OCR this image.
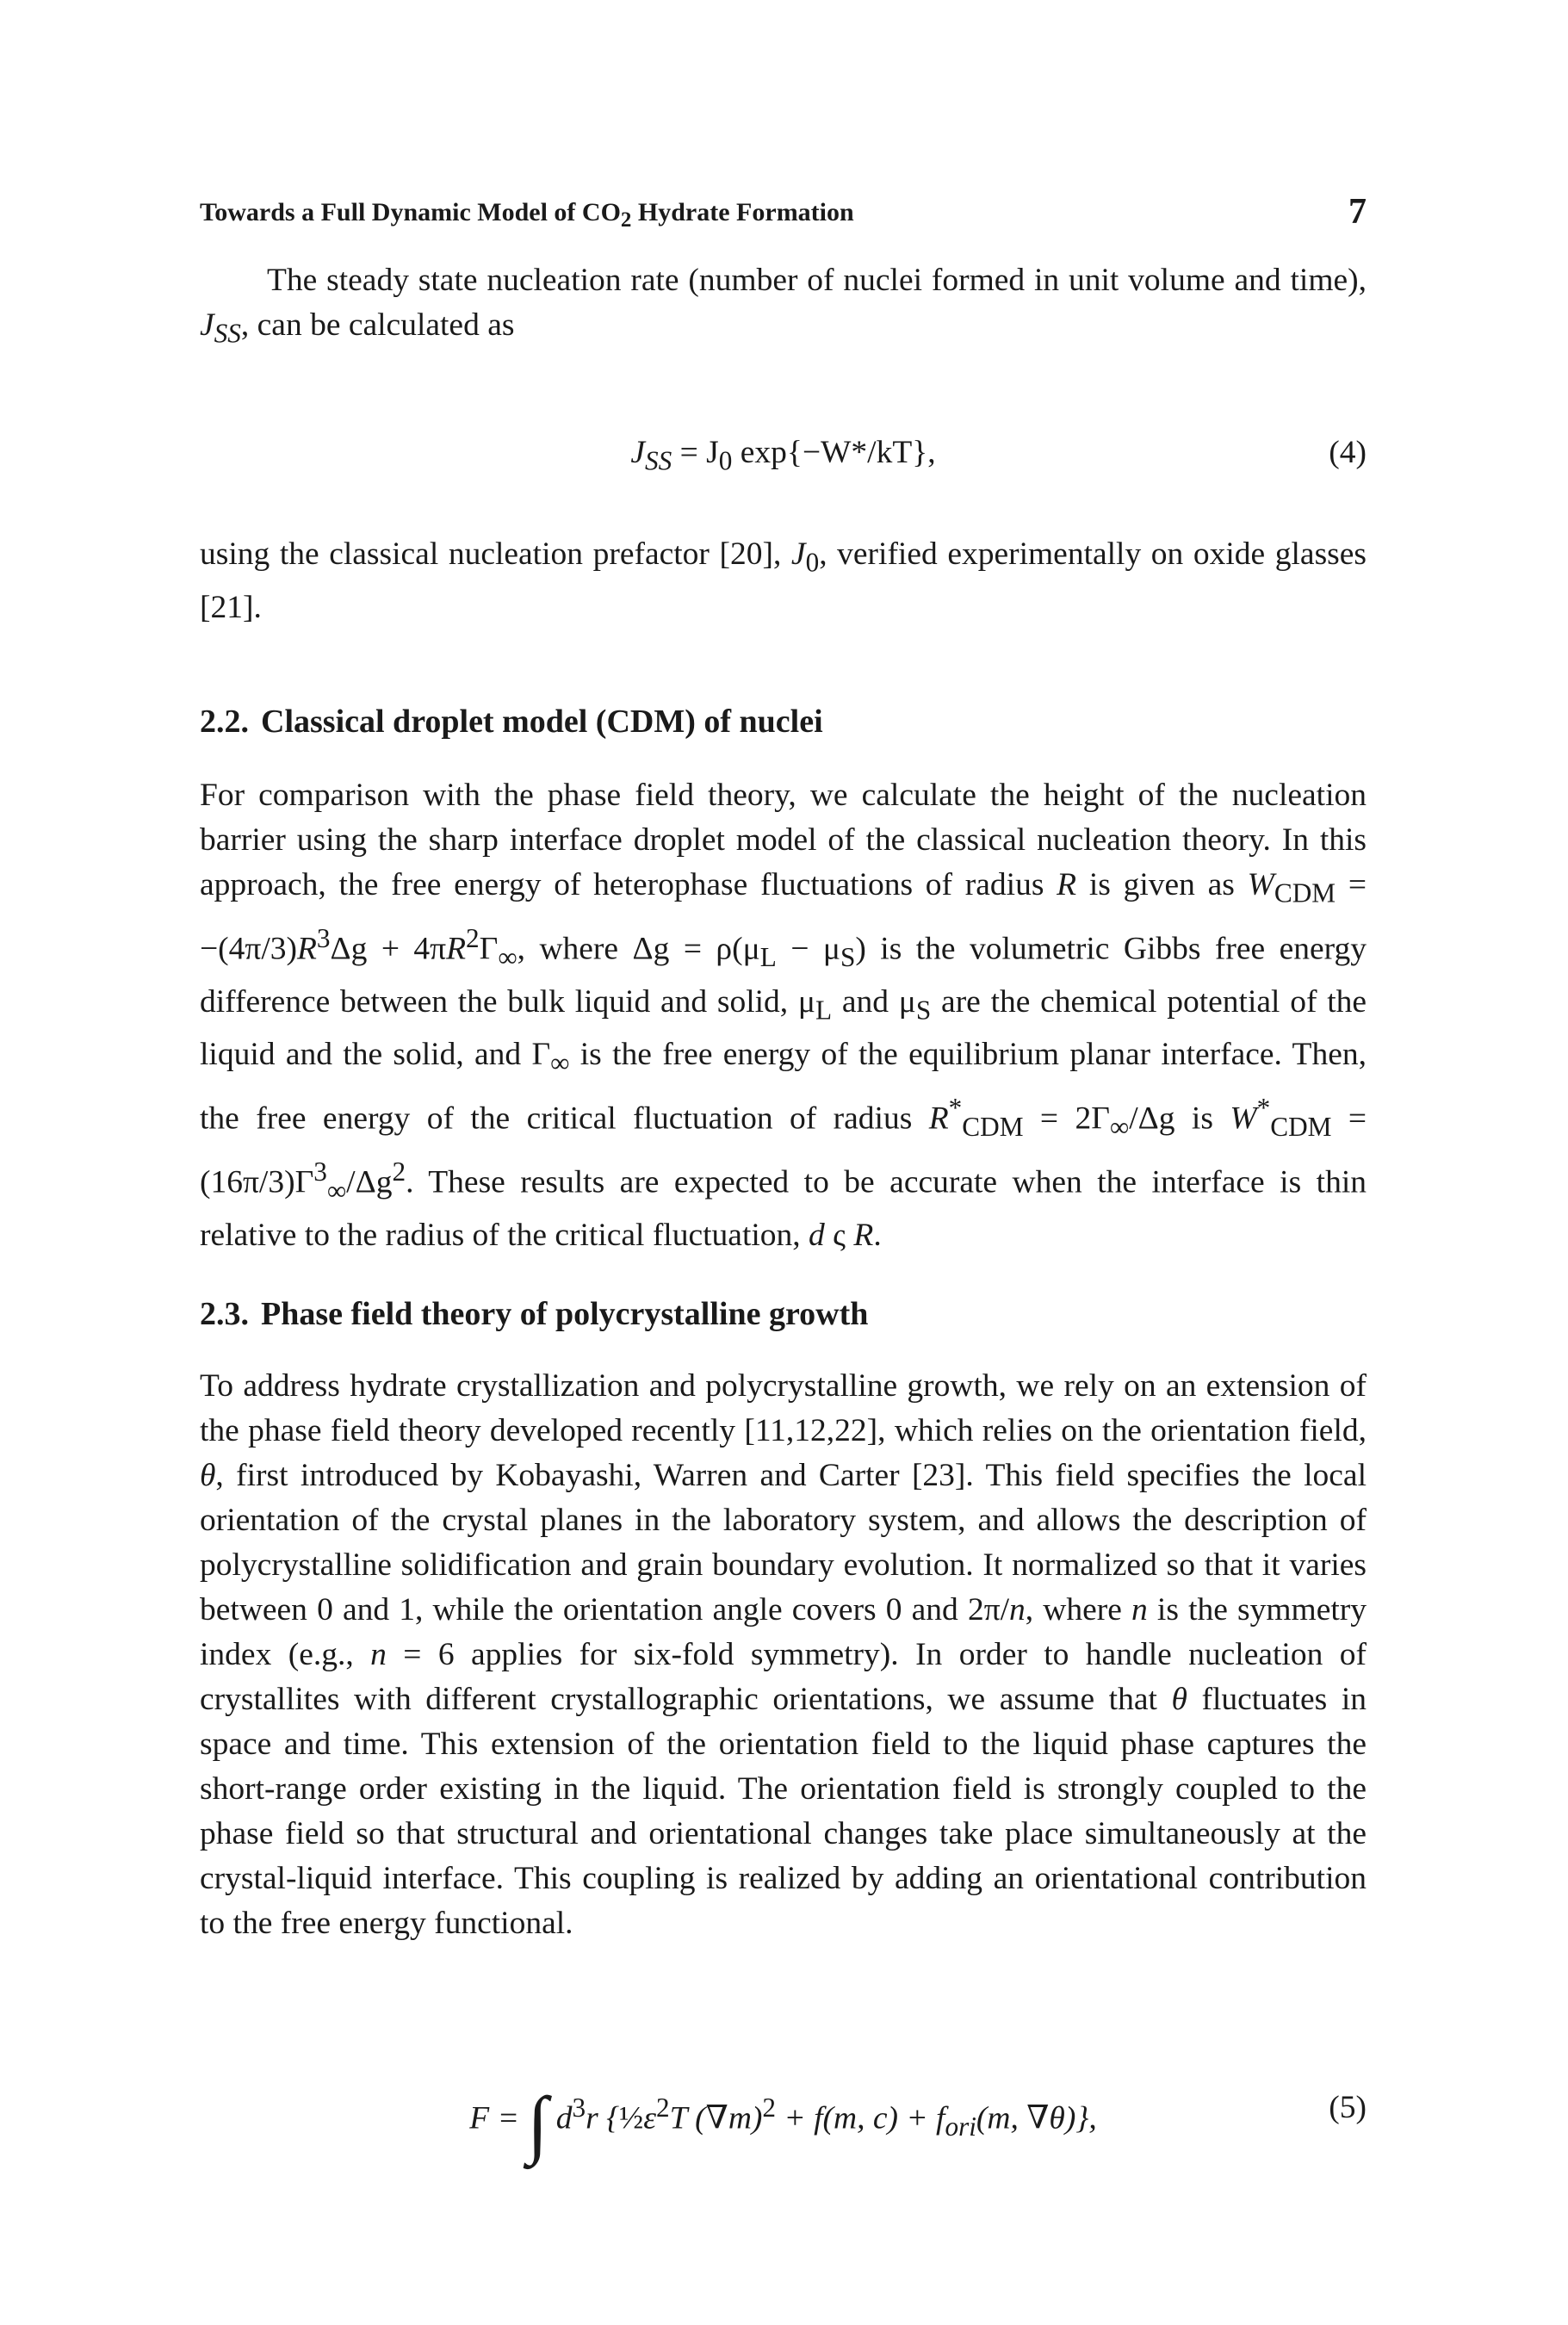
Towards a Full Dynamic Model of $CO_2$ Hydrate Formation	7

The steady state nucleation rate (number of nuclei formed in unit volume and time), $J_{SS}$, can be calculated as

$J_{SS} = J_0$ exp{−W*/kT},	(4)

using the classical nucleation prefactor [20], $J_0$, verified experimentally on oxide glasses [21].

2.2. Classical droplet model (CDM) of nuclei

For comparison with the phase field theory, we calculate the height of the nucleation barrier using the sharp interface droplet model of the classical nucleation theory. In this approach, the free energy of heterophase fluctuations of radius R is given as $W_{CDM} = -(4\pi/3)R^3\Delta g + 4\pi R^2\Gamma_\infty$, where $\Delta g = \rho(\mu_L - \mu_S)$ is the volumetric Gibbs free energy difference between the bulk liquid and solid, $\mu_L$ and $\mu_S$ are the chemical potential of the liquid and the solid, and $\Gamma_\infty$ is the free energy of the equilibrium planar interface. Then, the free energy of the critical fluctuation of radius $R^*_{CDM} = 2\Gamma_\infty/\Delta g$ is $W^*_{CDM} = (16\pi/3)\Gamma^3_\infty/\Delta g^2$. These results are expected to be accurate when the interface is thin relative to the radius of the critical fluctuation, d ς R.

2.3. Phase field theory of polycrystalline growth

To address hydrate crystallization and polycrystalline growth, we rely on an extension of the phase field theory developed recently [11,12,22], which relies on the orientation field, θ, first introduced by Kobayashi, Warren and Carter [23]. This field specifies the local orientation of the crystal planes in the laboratory system, and allows the description of polycrystalline solidification and grain boundary evolution. It normalized so that it varies between 0 and 1, while the orientation angle covers 0 and 2π/n, where n is the symmetry index (e.g., n = 6 applies for six-fold symmetry). In order to handle nucleation of crystallites with different crystallographic orientations, we assume that θ fluctuates in space and time. This extension of the orientation field to the liquid phase captures the short-range order existing in the liquid. The orientation field is strongly coupled to the phase field so that structural and orientational changes take place simultaneously at the crystal-liquid interface. This coupling is realized by adding an orientational contribution to the free energy functional.

F = ∫ $d^3r$ {$\frac{1}{2}\varepsilon^2T$ $(\nabla m)^2 + f(m$, $c) + f_{ori}(m$, ∇θ)},	(5)
